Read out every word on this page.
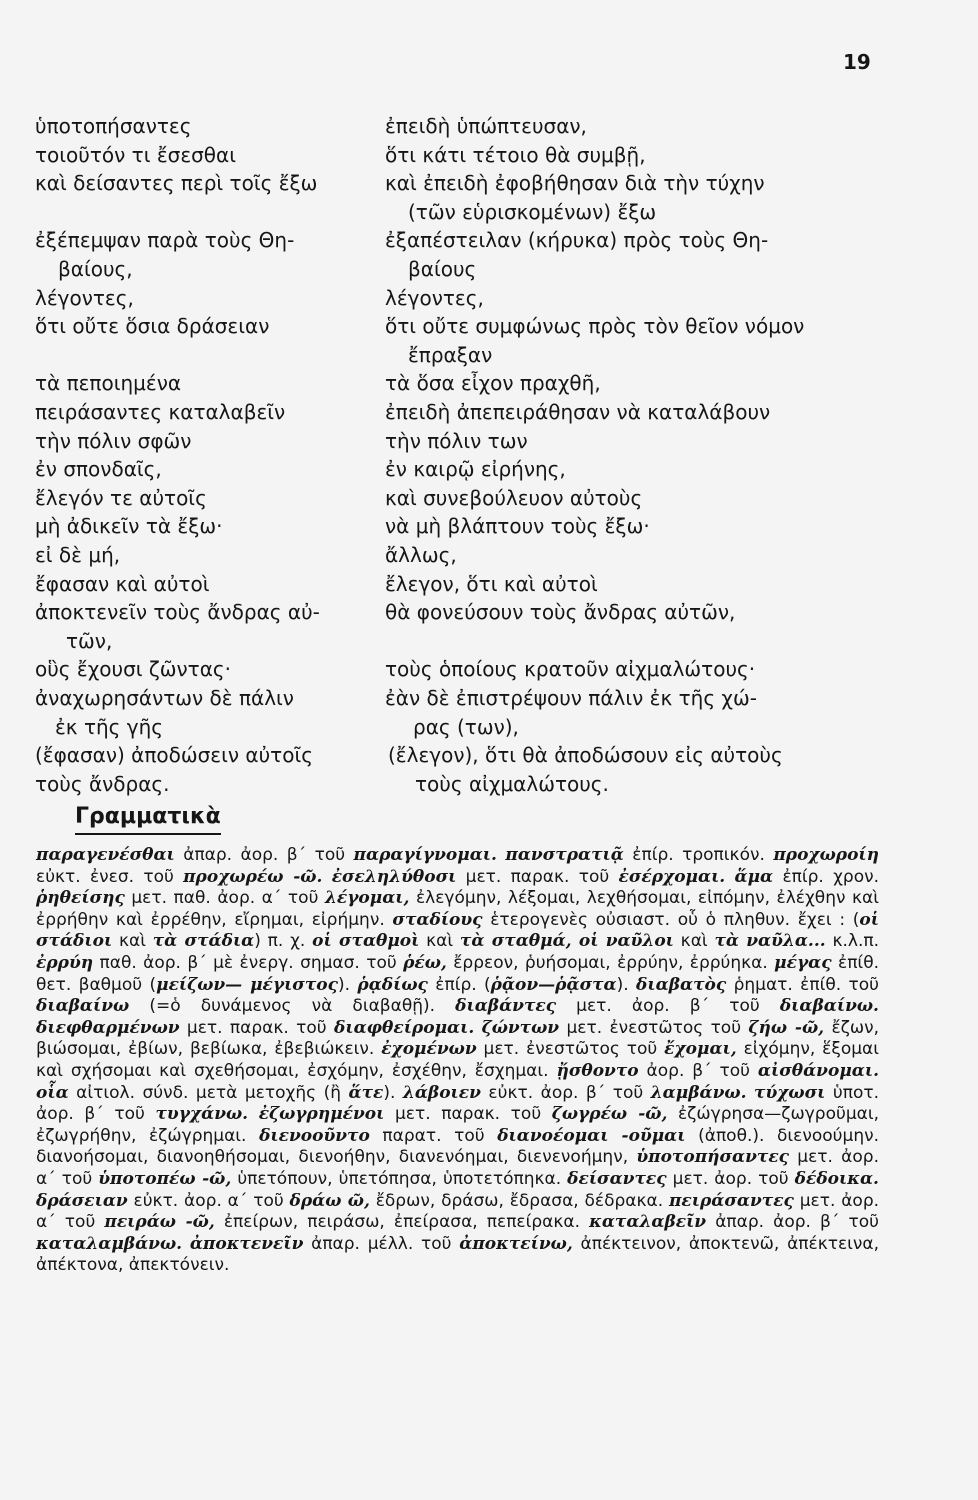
19
ὑποτοπήσαντες	ἐπειδὴ ὑπώπτευσαν,
τοιοῦτόν τι ἔσεσθαι	ὅτι κάτι τέτοιο θὰ συμβῇ,
καὶ δείσαντες περὶ τοῖς ἔξω	καὶ ἐπειδὴ ἐφοβήθησαν διὰ τὴν τύχην
(τῶν εὑρισκομένων) ἔξω
ἐξέπεμψαν παρὰ τοὺς Θη-	ἐξαπέστειλαν (κήρυκα) πρὸς τοὺς Θη-
βαίους,	βαίους
λέγοντες,	λέγοντες,
ὅτι οὔτε ὅσια δράσειαν	ὅτι οὔτε συμφώνως πρὸς τὸν θεῖον νόμον
ἔπραξαν
τὰ πεποιημένα	τὰ ὅσα εἶχον πραχθῆ,
πειράσαντες καταλαβεῖν	ἐπειδὴ ἀπεπειράθησαν νὰ καταλάβουν
τὴν πόλιν σφῶν	τὴν πόλιν των
ἐν σπονδαῖς,	ἐν καιρῷ εἰρήνης,
ἔλεγόν τε αὐτοῖς	καὶ συνεβούλευον αὐτοὺς
μὴ ἀδικεῖν τὰ ἔξω·	νὰ μὴ βλάπτουν τοὺς ἔξω·
εἰ δὲ μή,	ἄλλως,
ἔφασαν καὶ αὐτοὶ	ἔλεγον, ὅτι καὶ αὐτοὶ
ἀποκτενεῖν τοὺς ἄνδρας αὐ-	θὰ φονεύσουν τοὺς ἄνδρας αὐτῶν,
τῶν,
οὓς ἔχουσι ζῶντας·	τοὺς ὁποίους κρατοῦν αἰχμαλώτους·
ἀναχωρησάντων δὲ πάλιν	ἐὰν δὲ ἐπιστρέψουν πάλιν ἐκ τῆς χώ-
ἐκ τῆς γῆς	ρας (των),
(ἔφασαν) ἀποδώσειν αὐτοῖς	(ἔλεγον), ὅτι θὰ ἀποδώσουν εἰς αὐτοὺς
τοὺς ἄνδρας.	τοὺς αἰχμαλώτους.
Γραμματικὰ
παραγενέσθαι ἀπαρ. ἀορ. β΄ τοῦ παραγίγνομαι. πανστρατιᾷ ἐπίρ. τροπικόν. προχωροίη εὐκτ. ἐνεσ. τοῦ προχωρέω -ῶ. ἐσεληλύθοσι μετ. παρακ. τοῦ ἐσέρχομαι. ἅμα ἐπίρ. χρον. ῥηθείσης μετ. παθ. ἀορ. α΄ τοῦ λέγομαι, ἐλεγόμην, λέξομαι, λεχθήσομαι, εἰπόμην, ἐλέχθην καὶ ἐρρήθην καὶ ἐρρέθην, εἴρημαι, εἰρήμην. σταδίους ἑτερογενὲς οὐσιαστ. οὗ ὁ πληθυν. ἔχει : (οἱ στάδιοι καὶ τὰ στάδια) π. χ. οἱ σταθμοὶ καὶ τὰ σταθμά, οἱ ναῦλοι καὶ τὰ ναῦλα... κ.λ.π. ἐρρύη παθ. ἀορ. β΄ μὲ ἐνεργ. σημασ. τοῦ ῥέω, ἔρρεον, ῥυήσομαι, ἐρρύην, ἐρρύηκα. μέγας ἐπίθ. θετ. βαθμοῦ (μείζων— μέγιστος). ῥᾳδίως ἐπίρ. (ῥᾷον—ῥᾷστα). διαβατὸς ῥηματ. ἐπίθ. τοῦ διαβαίνω (=ὁ δυνάμενος νὰ διαβαθῇ). διαβάντες μετ. ἀορ. β΄ τοῦ διαβαίνω. διεφθαρμένων μετ. παρακ. τοῦ διαφθείρομαι. ζώντων μετ. ἐνεστῶτος τοῦ ζήω -ῶ, ἔζων, βιώσομαι, ἐβίων, βεβίωκα, ἐβεβιώκειν. ἐχομένων μετ. ἐνεστῶτος τοῦ ἔχομαι, εἰχόμην, ἕξομαι καὶ σχήσομαι καὶ σχεθήσομαι, ἐσχόμην, ἐσχέθην, ἔσχημαι. ᾔσθοντο ἀορ. β΄ τοῦ αἰσθάνομαι. οἷα αἰτιολ. σύνδ. μετὰ μετοχῆς (ἢ ἅτε). λάβοιεν εὐκτ. ἀορ. β΄ τοῦ λαμβάνω. τύχωσι ὑποτ. ἀορ. β΄ τοῦ τυγχάνω. ἐζωγρημένοι μετ. παρακ. τοῦ ζωγρέω -ῶ, ἐζώγρησα—ζωγροῦμαι, ἐζωγρήθην, ἐζώγρημαι. διενοοῦντο παρατ. τοῦ διανοέομαι -οῦμαι (ἀποθ.). διενοούμην. διανοήσομαι, διανοηθήσομαι, διενοήθην, διανενόημαι, διενενοήμην, ὑποτοπήσαντες μετ. ἀορ. α΄ τοῦ ὑποτοπέω -ῶ, ὑπετόπουν, ὑπετόπησα, ὑποτετόπηκα. δείσαντες μετ. ἀορ. τοῦ δέδοικα. δράσειαν εὐκτ. ἀορ. α΄ τοῦ δράω ῶ, ἔδρων, δράσω, ἔδρασα, δέδρακα. πειράσαντες μετ. ἀορ. α΄ τοῦ πειράω -ῶ, ἐπείρων, πειράσω, ἐπείρασα, πεπείρακα. καταλαβεῖν ἀπαρ. ἀορ. β΄ τοῦ καταλαμβάνω. ἀποκτενεῖν ἀπαρ. μέλλ. τοῦ ἀποκτείνω, ἀπέκτεινον, ἀποκτενῶ, ἀπέκτεινα, ἀπέκτονα, ἀπεκτόνειν.
